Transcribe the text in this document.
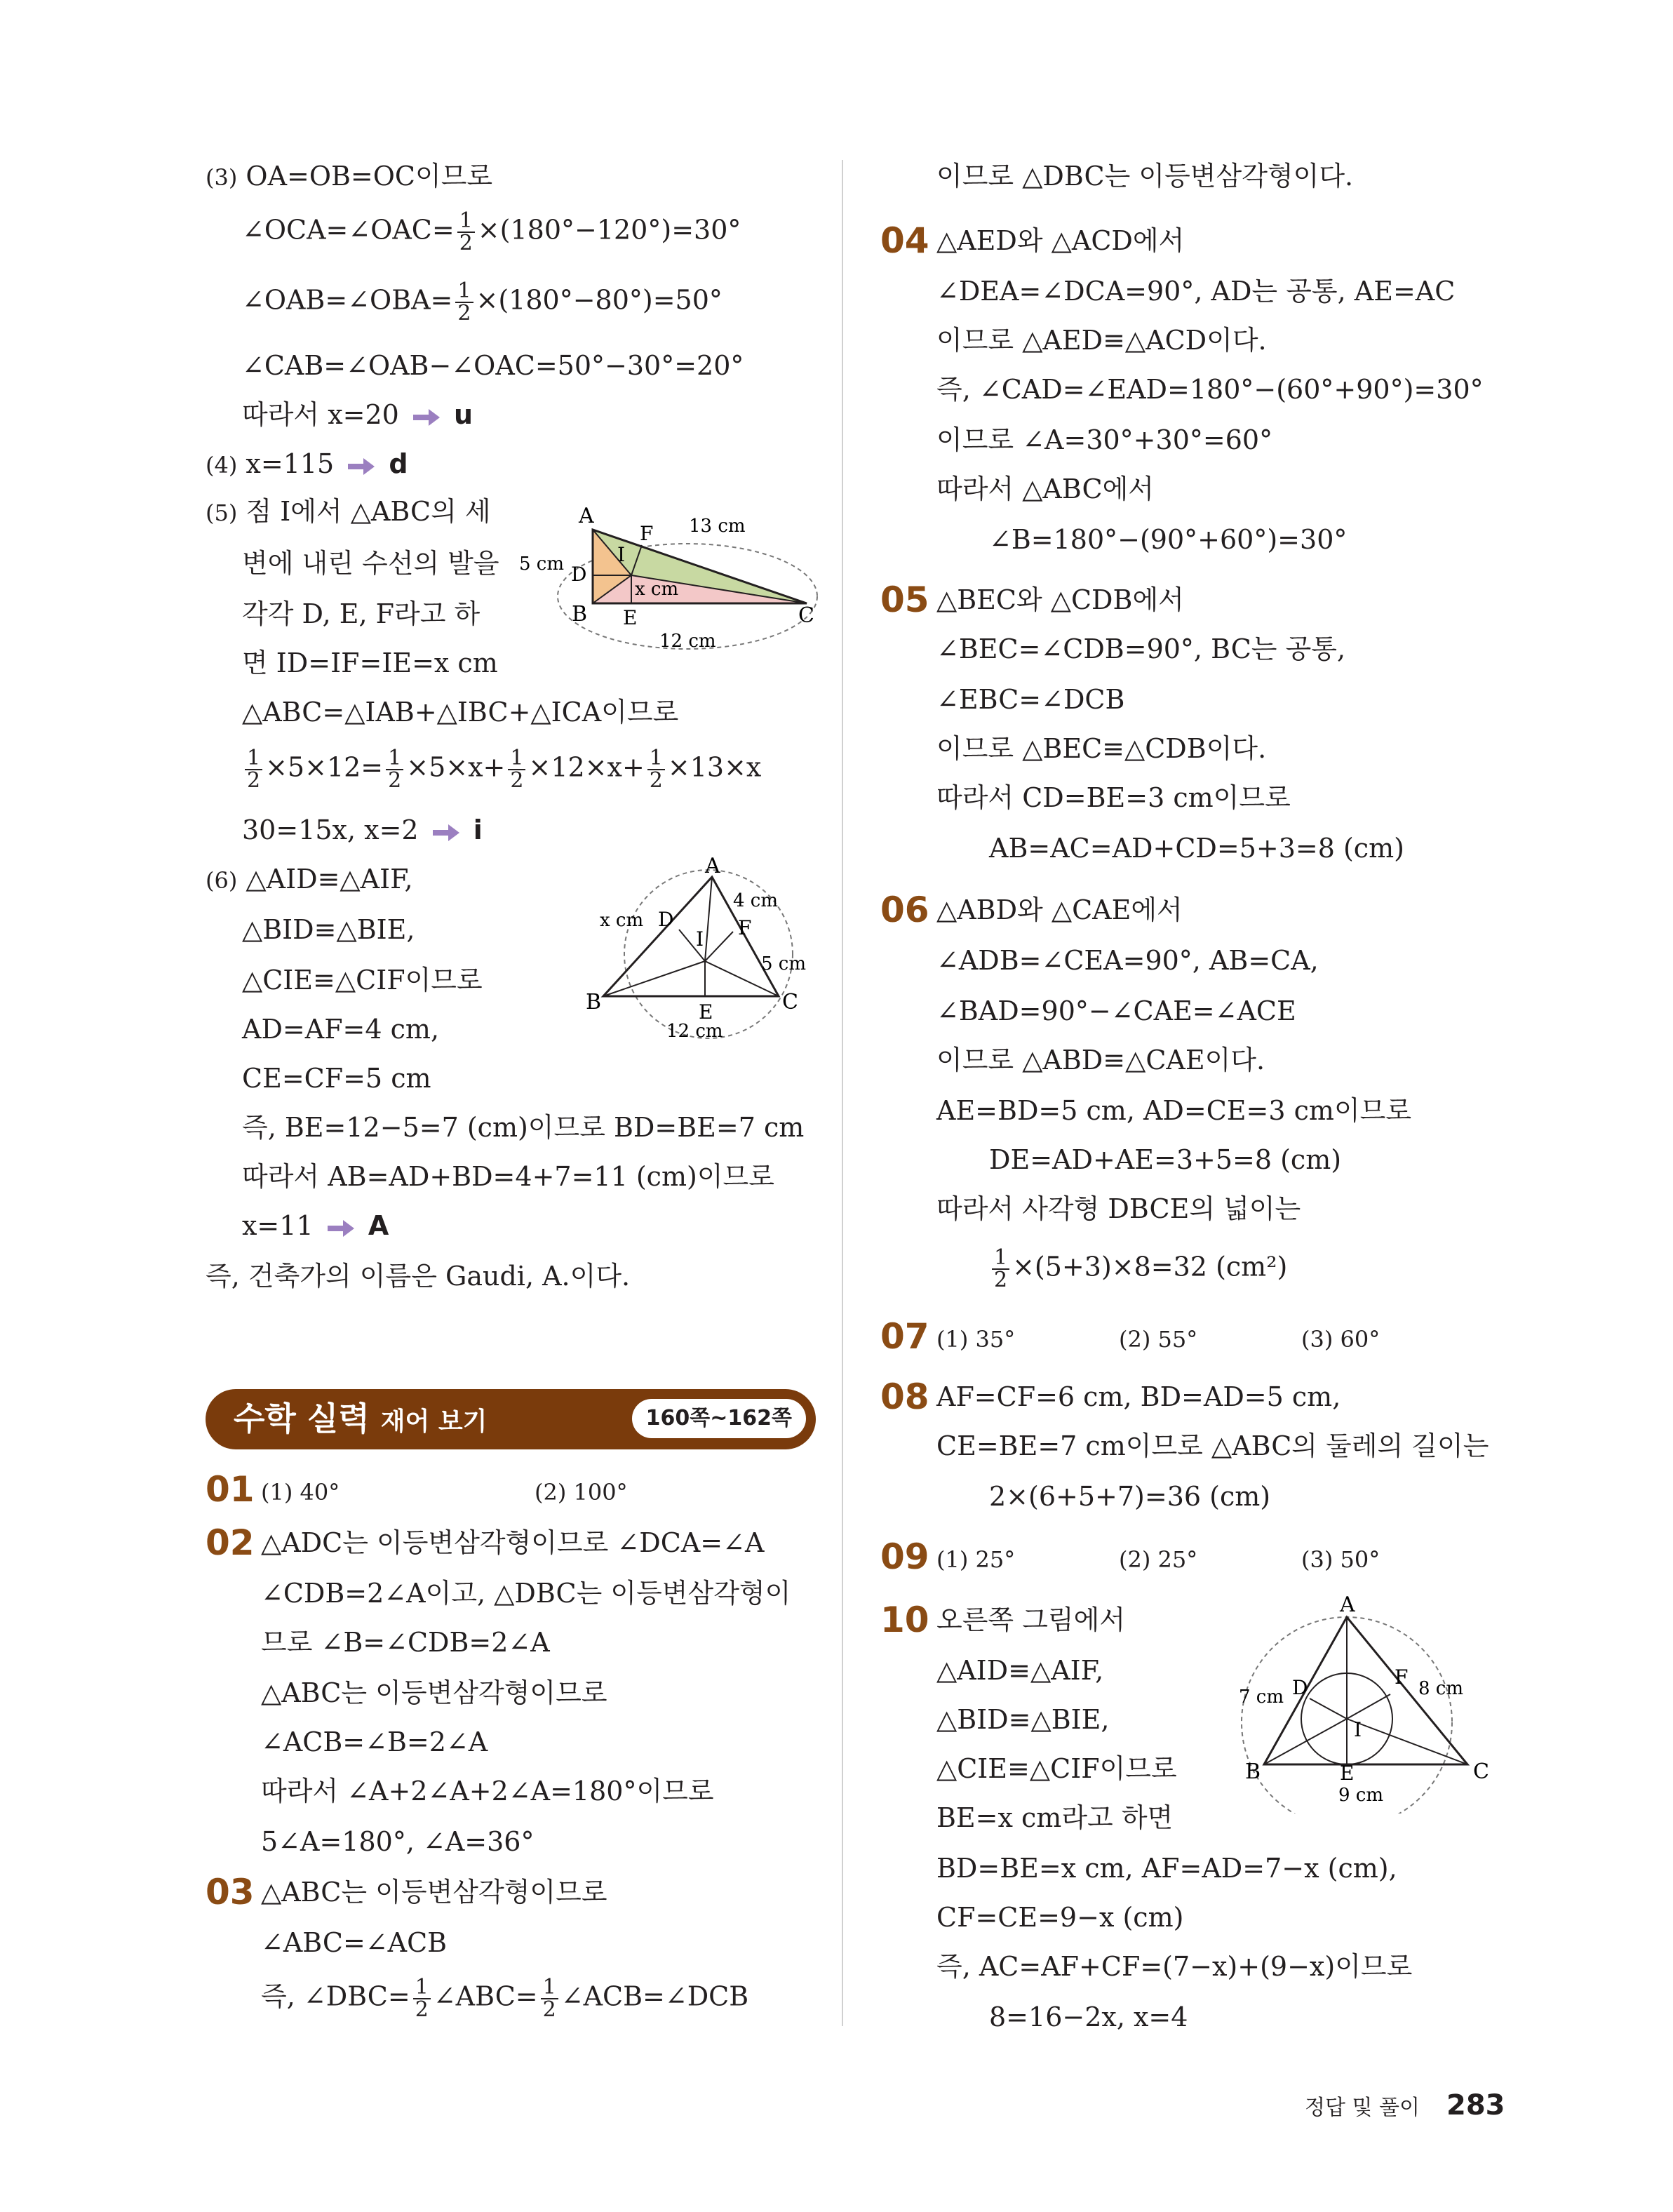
(3) OA=OB=OC이므로
∠OCA=∠OAC= $\frac{1}{2} \times(180^\circ-120^\circ)=30^\circ$
∠OAB=∠OBA= $\frac{1}{2} \times(180^\circ-80^\circ)=50^\circ$
∠CAB=∠OAB−∠OAC=50°−30°=20°
따라서 x=20 u
(4) x=115 d
(5) 점 I에서 △ABC의 세
변에 내린 수선의 발을
각각 D, E, F라고 하
면 ID=IF=IE=x cm
△ABC=△IAB+△IBC+△ICA이므로
$\frac{1}{2} \times 5\times 12= \frac{1}{2} \times 5\times x+ \frac{1}{2} \times 12\times x+ \frac{1}{2} \times 13\times x$
30=15x, x=2 i
A
B	C
D
E
F
I
5 cm
13 cm
12 cm
x cm
(6) △AID≡△AIF,
△BID≡△BIE,
△CIE≡△CIF이므로
AD=AF=4 cm,
CE=CF=5 cm
즉, BE=12−5=7 (cm)이므로 BD=BE=7 cm
따라서 AB=AD+BD=4+7=11 (cm)이므로
x=11 A
A
B	C
D
E
F
I
4 cm
5 cm
12 cm
x cm
즉, 건축가의 이름은 Gaudi, A.이다.
수학 실력 재어 보기	160쪽~162쪽
01 (1) 40°	(2) 100°
02 △ADC는 이등변삼각형이므로 ∠DCA=∠A
∠CDB=2∠A이고, △DBC는 이등변삼각형이
므로 ∠B=∠CDB=2∠A
△ABC는 이등변삼각형이므로
∠ACB=∠B=2∠A
따라서 ∠A+2∠A+2∠A=180°이므로
5∠A=180°, ∠A=36°
03 △ABC는 이등변삼각형이므로
∠ABC=∠ACB
즉, ∠DBC= $\frac{1}{2}$ ∠ABC= $\frac{1}{2}$ ∠ACB=∠DCB
이므로 △DBC는 이등변삼각형이다.
04 △AED와 △ACD에서
∠DEA=∠DCA=90°, AD는 공통, AE=AC
이므로 △AED≡△ACD이다.
즉, ∠CAD=∠EAD=180°−(60°+90°)=30°
이므로 ∠A=30°+30°=60°
따라서 △ABC에서
∠B=180°−(90°+60°)=30°
05 △BEC와 △CDB에서
∠BEC=∠CDB=90°, BC는 공통,
∠EBC=∠DCB
이므로 △BEC≡△CDB이다.
따라서 CD=BE=3 cm이므로
AB=AC=AD+CD=5+3=8 (cm)
06 △ABD와 △CAE에서
∠ADB=∠CEA=90°, AB=CA,
∠BAD=90°−∠CAE=∠ACE
이므로 △ABD≡△CAE이다.
AE=BD=5 cm, AD=CE=3 cm이므로
DE=AD+AE=3+5=8 (cm)
따라서 사각형 DBCE의 넓이는
$\frac{1}{2} \times(5+3)\times 8=32$ (cm²)
07 (1) 35°	(2) 55°	(3) 60°
08 AF=CF=6 cm, BD=AD=5 cm,
CE=BE=7 cm이므로 △ABC의 둘레의 길이는
2×(6+5+7)=36 (cm)
09 (1) 25°	(2) 25°	(3) 50°
10 오른쪽 그림에서
△AID≡△AIF,
△BID≡△BIE,
△CIE≡△CIF이므로
BE=x cm라고 하면
BD=BE=x cm, AF=AD=7−x (cm),
CF=CE=9−x (cm)
즉, AC=AF+CF=(7−x)+(9−x)이므로
8=16−2x, x=4
A
B	C
D
E
F
I
7 cm	8 cm
9 cm
정답 및 풀이 283
